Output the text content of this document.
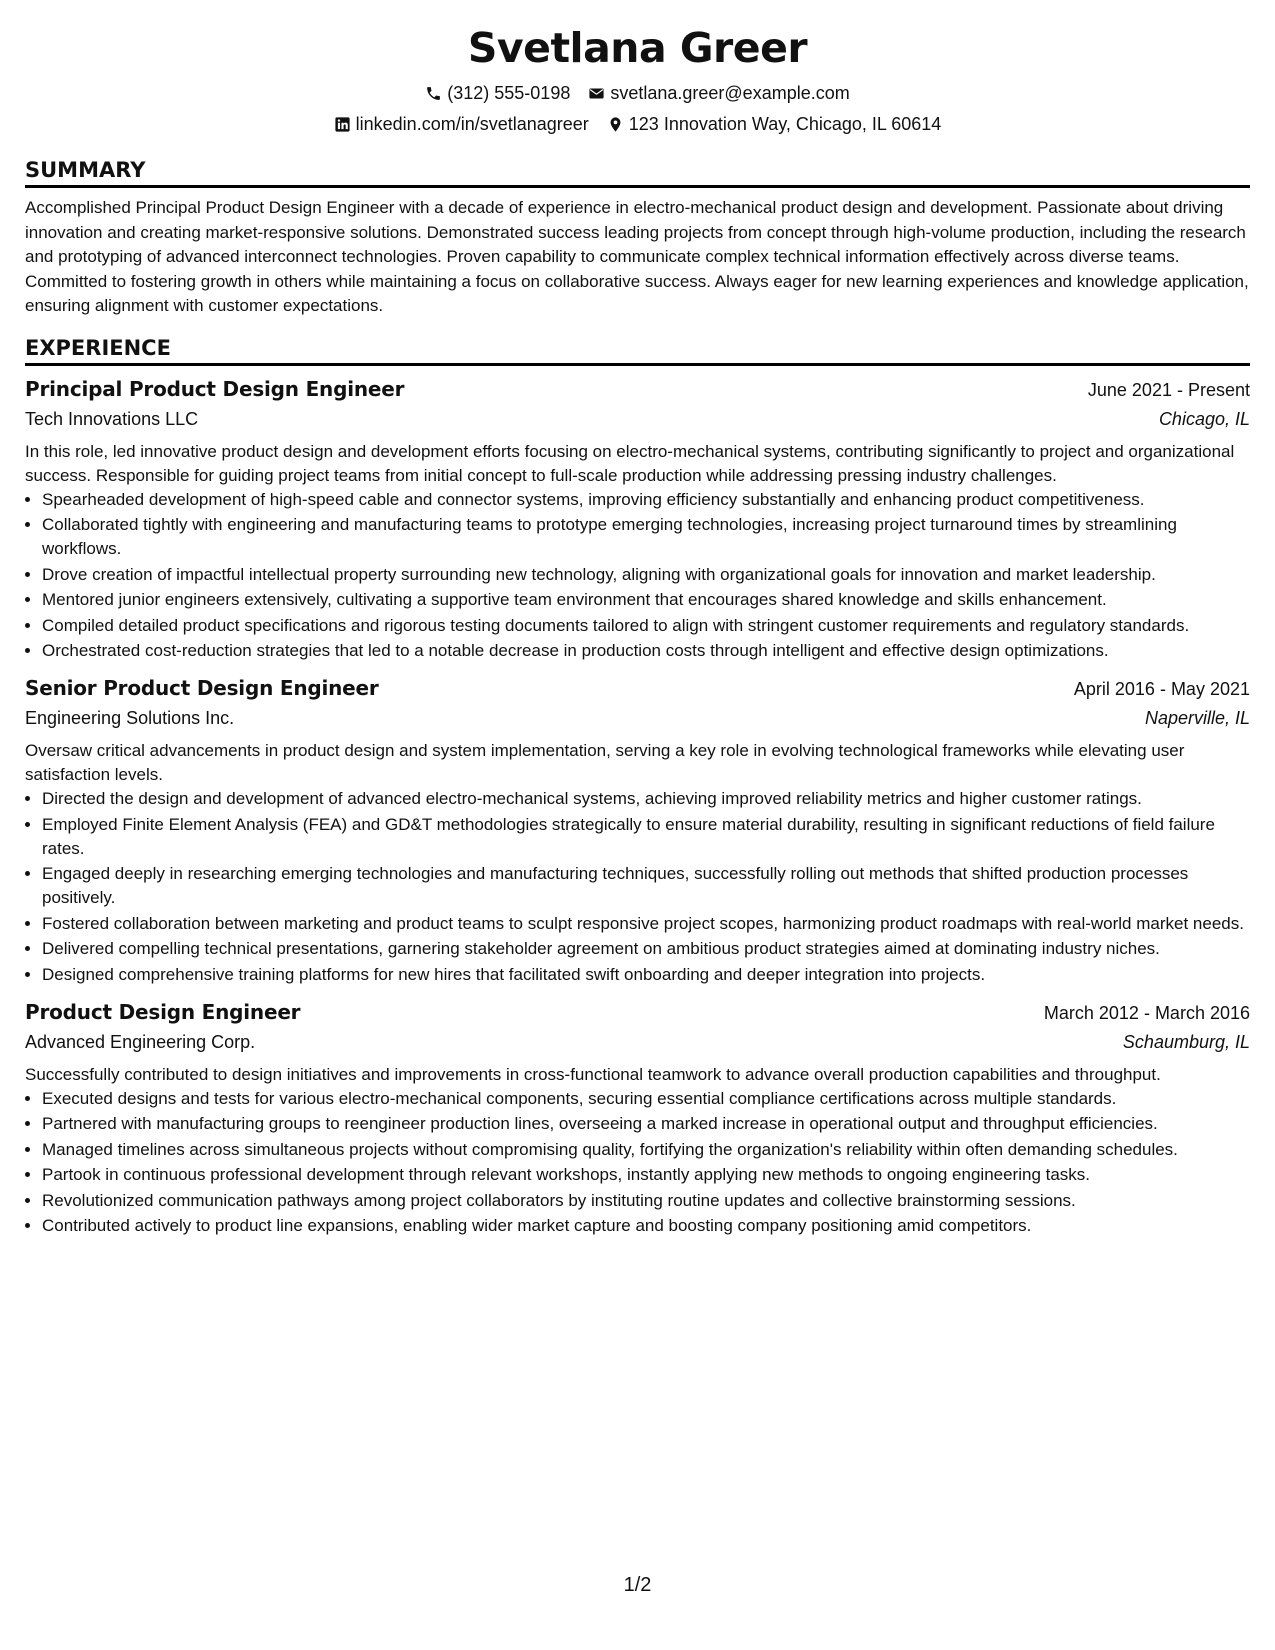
Svetlana Greer
(312) 555-0198 svetlana.greer@example.com
linkedin.com/in/svetlanagreer 123 Innovation Way, Chicago, IL 60614
SUMMARY
Accomplished Principal Product Design Engineer with a decade of experience in electro-mechanical product design and development. Passionate about driving innovation and creating market-responsive solutions. Demonstrated success leading projects from concept through high-volume production, including the research and prototyping of advanced interconnect technologies. Proven capability to communicate complex technical information effectively across diverse teams. Committed to fostering growth in others while maintaining a focus on collaborative success. Always eager for new learning experiences and knowledge application, ensuring alignment with customer expectations.
EXPERIENCE
Principal Product Design Engineer	June 2021 - Present
Tech Innovations LLC	Chicago, IL
In this role, led innovative product design and development efforts focusing on electro-mechanical systems, contributing significantly to project and organizational success. Responsible for guiding project teams from initial concept to full-scale production while addressing pressing industry challenges.
• Spearheaded development of high-speed cable and connector systems, improving efficiency substantially and enhancing product competitiveness.
• Collaborated tightly with engineering and manufacturing teams to prototype emerging technologies, increasing project turnaround times by streamlining workflows.
• Drove creation of impactful intellectual property surrounding new technology, aligning with organizational goals for innovation and market leadership.
• Mentored junior engineers extensively, cultivating a supportive team environment that encourages shared knowledge and skills enhancement.
• Compiled detailed product specifications and rigorous testing documents tailored to align with stringent customer requirements and regulatory standards.
• Orchestrated cost-reduction strategies that led to a notable decrease in production costs through intelligent and effective design optimizations.
Senior Product Design Engineer	April 2016 - May 2021
Engineering Solutions Inc.	Naperville, IL
Oversaw critical advancements in product design and system implementation, serving a key role in evolving technological frameworks while elevating user satisfaction levels.
• Directed the design and development of advanced electro-mechanical systems, achieving improved reliability metrics and higher customer ratings.
• Employed Finite Element Analysis (FEA) and GD&T methodologies strategically to ensure material durability, resulting in significant reductions of field failure rates.
• Engaged deeply in researching emerging technologies and manufacturing techniques, successfully rolling out methods that shifted production processes positively.
• Fostered collaboration between marketing and product teams to sculpt responsive project scopes, harmonizing product roadmaps with real-world market needs.
• Delivered compelling technical presentations, garnering stakeholder agreement on ambitious product strategies aimed at dominating industry niches.
• Designed comprehensive training platforms for new hires that facilitated swift onboarding and deeper integration into projects.
Product Design Engineer	March 2012 - March 2016
Advanced Engineering Corp.	Schaumburg, IL
Successfully contributed to design initiatives and improvements in cross-functional teamwork to advance overall production capabilities and throughput.
• Executed designs and tests for various electro-mechanical components, securing essential compliance certifications across multiple standards.
• Partnered with manufacturing groups to reengineer production lines, overseeing a marked increase in operational output and throughput efficiencies.
• Managed timelines across simultaneous projects without compromising quality, fortifying the organization's reliability within often demanding schedules.
• Partook in continuous professional development through relevant workshops, instantly applying new methods to ongoing engineering tasks.
• Revolutionized communication pathways among project collaborators by instituting routine updates and collective brainstorming sessions.
• Contributed actively to product line expansions, enabling wider market capture and boosting company positioning amid competitors.
1/2
